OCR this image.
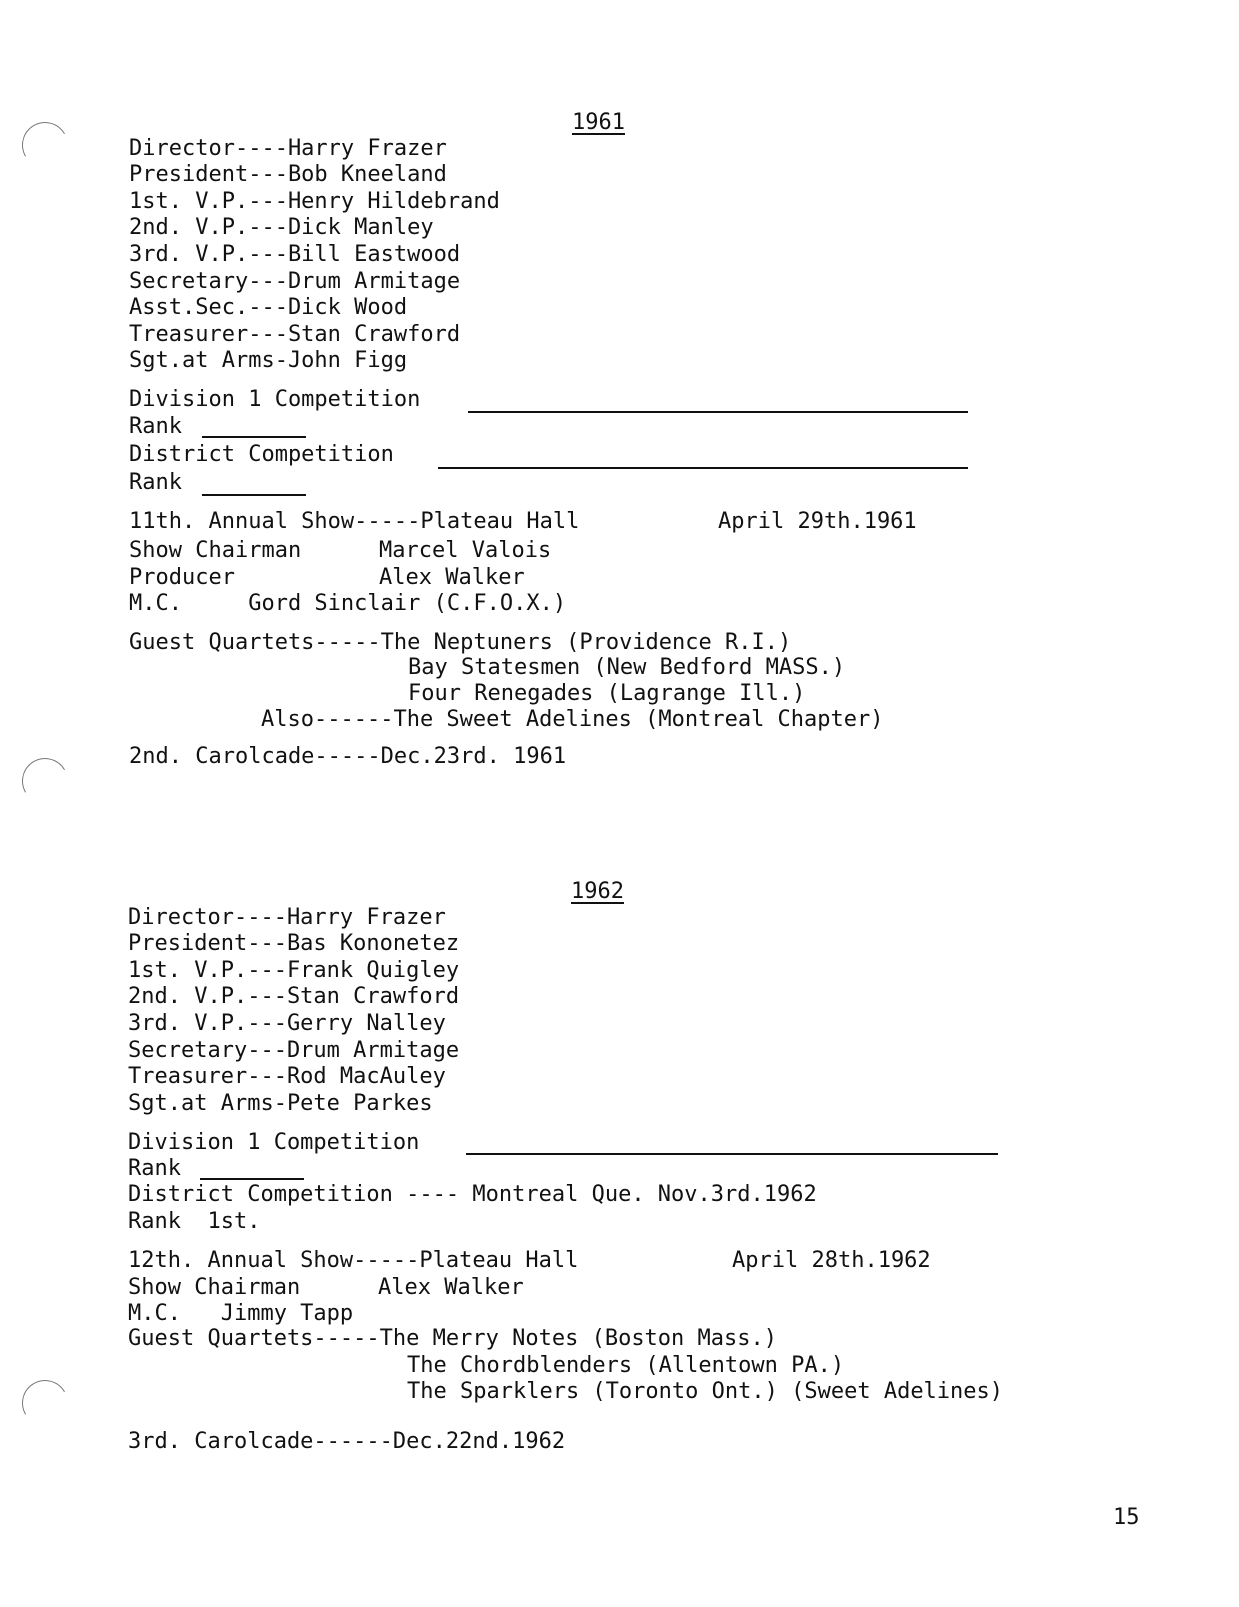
1961
Director----Harry Frazer
President---Bob Kneeland
1st. V.P.---Henry Hildebrand
2nd. V.P.---Dick Manley
3rd. V.P.---Bill Eastwood
Secretary---Drum Armitage
Asst.Sec.---Dick Wood
Treasurer---Stan Crawford
Sgt.at Arms-John Figg
Division 1 Competition
Rank
District Competition
Rank
11th. Annual Show-----Plateau Hall	April 29th.1961
Show Chairman	Marcel Valois
Producer	Alex Walker
M.C.     Gord Sinclair (C.F.O.X.)
Guest Quartets-----The Neptuners (Providence R.I.)
Bay Statesmen (New Bedford MASS.)
Four Renegades (Lagrange Ill.)
Also------The Sweet Adelines (Montreal Chapter)
2nd. Carolcade-----Dec.23rd. 1961
1962
Director----Harry Frazer
President---Bas Kononetez
1st. V.P.---Frank Quigley
2nd. V.P.---Stan Crawford
3rd. V.P.---Gerry Nalley
Secretary---Drum Armitage
Treasurer---Rod MacAuley
Sgt.at Arms-Pete Parkes
Division 1 Competition
Rank
District Competition ---- Montreal Que. Nov.3rd.1962
Rank  1st.
12th. Annual Show-----Plateau Hall	April 28th.1962
Show Chairman	Alex Walker
M.C.   Jimmy Tapp
Guest Quartets-----The Merry Notes (Boston Mass.)
The Chordblenders (Allentown PA.)
The Sparklers (Toronto Ont.) (Sweet Adelines)
3rd. Carolcade------Dec.22nd.1962
15
